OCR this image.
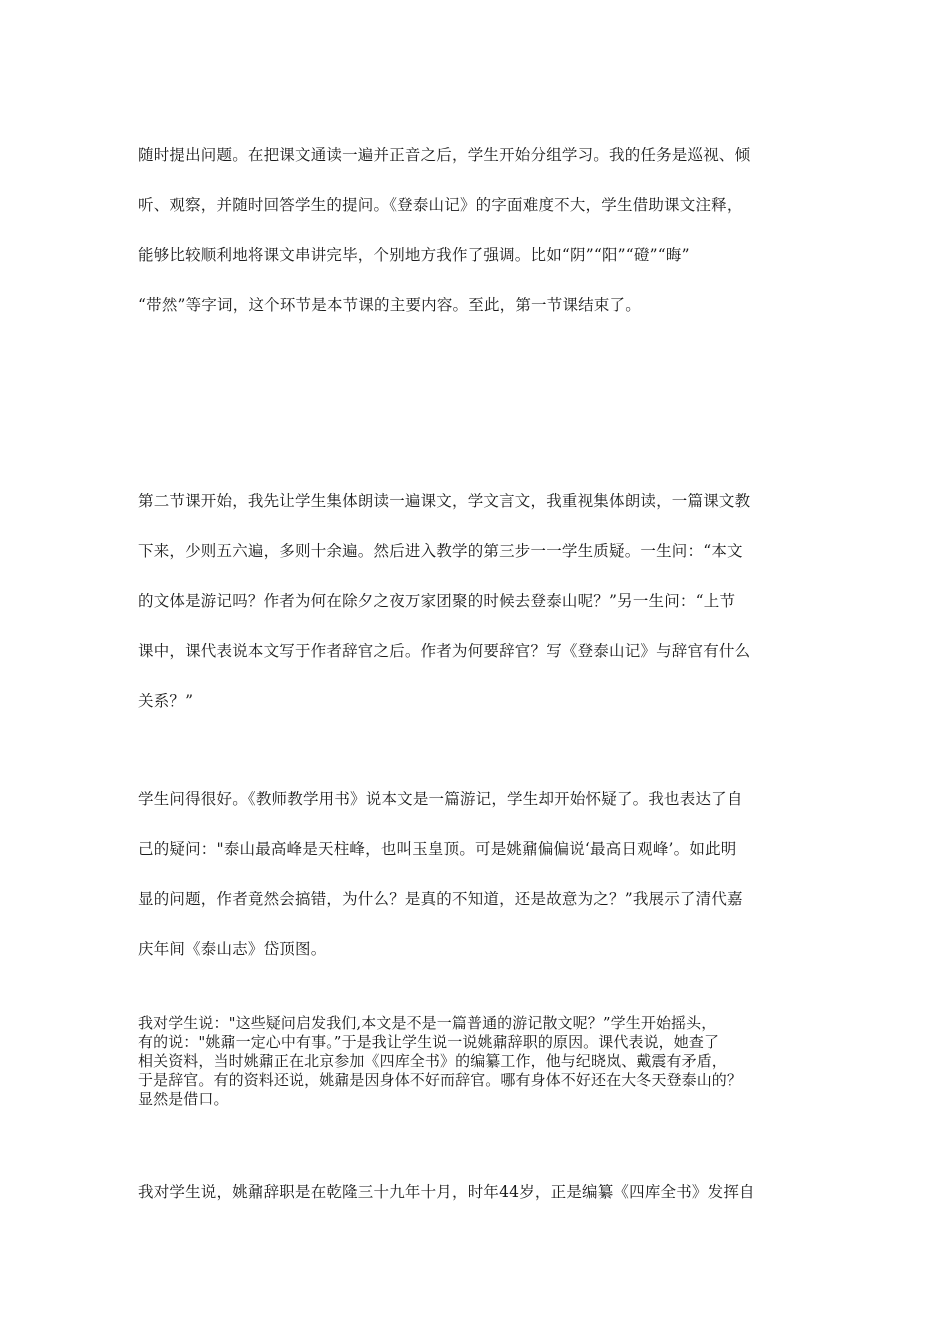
随时提出问题。在把课文通读一遍并正音之后，学生开始分组学习。我的任务是巡视、倾
听、观察，并随时回答学生的提问。《登泰山记》的字面难度不大，学生借助课文注释，
能够比较顺利地将课文串讲完毕，个别地方我作了强调。比如“阴”“阳”“磴”“晦”
“带然”等字词，这个环节是本节课的主要内容。至此，第一节课结束了。
第二节课开始，我先让学生集体朗读一遍课文，学文言文，我重视集体朗读，一篇课文教
下来，少则五六遍，多则十余遍。然后进入教学的第三步一一学生质疑。一生问：“本文
的文体是游记吗？作者为何在除夕之夜万家团聚的时候去登泰山呢？”另一生问：“上节
课中，课代表说本文写于作者辞官之后。作者为何要辞官？写《登泰山记》与辞官有什么
关系？”
学生问得很好。《教师教学用书》说本文是一篇游记，学生却开始怀疑了。我也表达了自
己的疑问："泰山最高峰是天柱峰，也叫玉皇顶。可是姚鼐偏偏说‘最高日观峰’。如此明
显的问题，作者竟然会搞错，为什么？是真的不知道，还是故意为之？”我展示了清代嘉
庆年间《泰山志》岱顶图。
我对学生说："这些疑问启发我们,本文是不是一篇普通的游记散文呢？”学生开始摇头，
有的说："姚鼐一定心中有事。”于是我让学生说一说姚鼐辞职的原因。课代表说，她查了
相关资料，当时姚鼐正在北京参加《四库全书》的编纂工作，他与纪晓岚、戴震有矛盾，
于是辞官。有的资料还说，姚鼐是因身体不好而辞官。哪有身体不好还在大冬天登泰山的？
显然是借口。
我对学生说，姚鼐辞职是在乾隆三十九年十月，时年44岁，正是编纂《四库全书》发挥自
